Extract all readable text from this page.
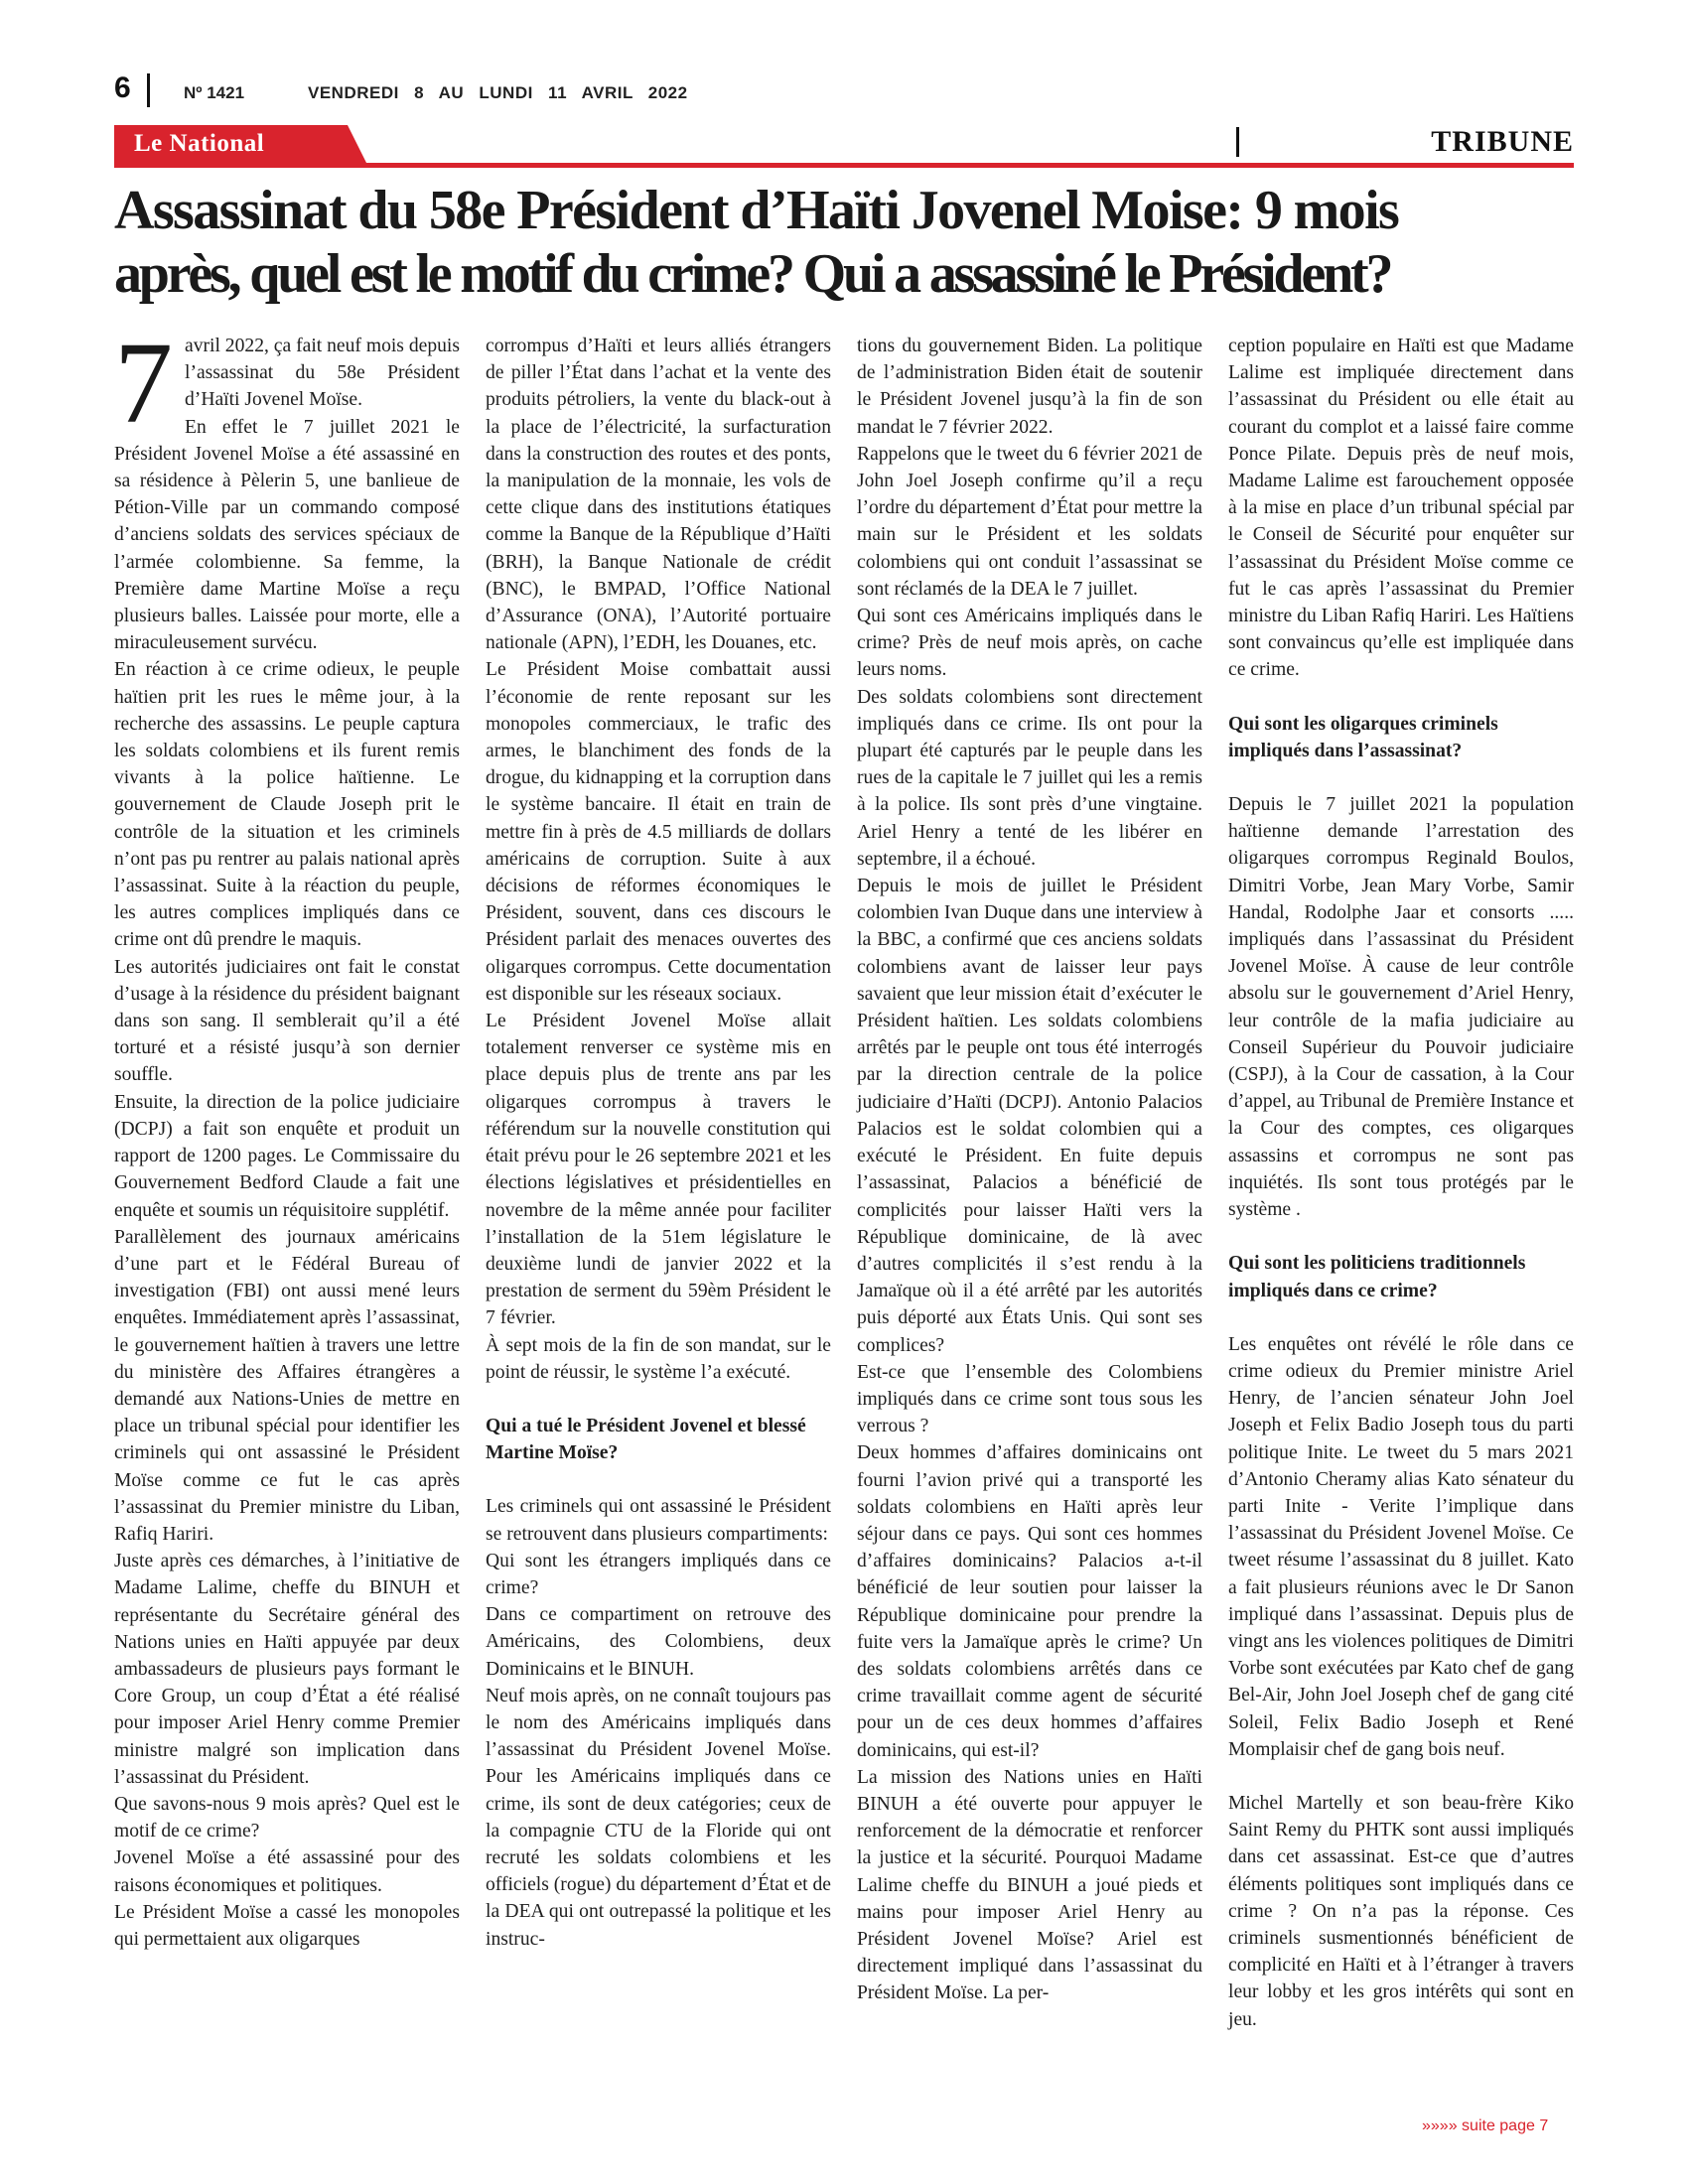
6	Nº 1421	VENDREDI 8 AU LUNDI 11 AVRIL 2022
Le National	TRIBUNE
Assassinat du 58e Président d’Haïti Jovenel Moise: 9 mois
après, quel est le motif du crime? Qui a assassiné le Président?

7 avril 2022, ça fait neuf mois depuis l’assassinat du 58e Président d’Haïti Jovenel Moïse.

En effet le 7 juillet 2021 le Président Jovenel Moïse a été assassiné en sa résidence à Pèlerin 5, une banlieue de Pétion-Ville par un commando composé d’anciens soldats des services spéciaux de l’armée colombienne. Sa femme, la Première dame Martine Moïse a reçu plusieurs balles. Laissée pour morte, elle a miraculeusement survécu.

En réaction à ce crime odieux, le peuple haïtien prit les rues le même jour, à la recherche des assassins. Le peuple captura les soldats colombiens et ils furent remis vivants à la police haïtienne. Le gouvernement de Claude Joseph prit le contrôle de la situation et les criminels n’ont pas pu rentrer au palais national après l’assassinat. Suite à la réaction du peuple, les autres complices impliqués dans ce crime ont dû prendre le maquis.

Les autorités judiciaires ont fait le constat d’usage à la résidence du président baignant dans son sang. Il semblerait qu’il a été torturé et a résisté jusqu’à son dernier souffle.

Ensuite, la direction de la police judiciaire (DCPJ) a fait son enquête et produit un rapport de 1200 pages. Le Commissaire du Gouvernement Bedford Claude a fait une enquête et soumis un réquisitoire supplétif.

Parallèlement des journaux américains d’une part et le Fédéral Bureau of investigation (FBI) ont aussi mené leurs enquêtes. Immédiatement après l’assassinat, le gouvernement haïtien à travers une lettre du ministère des Affaires étrangères a demandé aux Nations-Unies de mettre en place un tribunal spécial pour identifier les criminels qui ont assassiné le Président Moïse comme ce fut le cas après l’assassinat du Premier ministre du Liban, Rafiq Hariri.

Juste après ces démarches, à l’initiative de Madame Lalime, cheffe du BINUH et représentante du Secrétaire général des Nations unies en Haïti appuyée par deux ambassadeurs de plusieurs pays formant le Core Group, un coup d’État a été réalisé pour imposer Ariel Henry comme Premier ministre malgré son implication dans l’assassinat du Président.

Que savons-nous 9 mois après? Quel est le motif de ce crime?

Jovenel Moïse a été assassiné pour des raisons économiques et politiques.

Le Président Moïse a cassé les monopoles qui permettaient aux oligarques

corrompus d’Haïti et leurs alliés étrangers de piller l’État dans l’achat et la vente des produits pétroliers, la vente du black-out à la place de l’électricité, la surfacturation dans la construction des routes et des ponts, la manipulation de la monnaie, les vols de cette clique dans des institutions étatiques comme la Banque de la République d’Haïti (BRH), la Banque Nationale de crédit (BNC), le BMPAD, l’Office National d’Assurance (ONA), l’Autorité portuaire nationale (APN), l’EDH, les Douanes, etc.

Le Président Moise combattait aussi l’économie de rente reposant sur les monopoles commerciaux, le trafic des armes, le blanchiment des fonds de la drogue, du kidnapping et la corruption dans le système bancaire. Il était en train de mettre fin à près de 4.5 milliards de dollars américains de corruption. Suite à aux décisions de réformes économiques le Président, souvent, dans ces discours le Président parlait des menaces ouvertes des oligarques corrompus. Cette documentation est disponible sur les réseaux sociaux.

Le Président Jovenel Moïse allait totalement renverser ce système mis en place depuis plus de trente ans par les oligarques corrompus à travers le référendum sur la nouvelle constitution qui était prévu pour le 26 septembre 2021 et les élections législatives et présidentielles en novembre de la même année pour faciliter l’installation de la 51em législature le deuxième lundi de janvier 2022 et la prestation de serment du 59èm Président le 7 février.

À sept mois de la fin de son mandat, sur le point de réussir, le système l’a exécuté.

Qui a tué le Président Jovenel et blessé Martine Moïse?

Les criminels qui ont assassiné le Président se retrouvent dans plusieurs compartiments:

Qui sont les étrangers impliqués dans ce crime?

Dans ce compartiment on retrouve des Américains, des Colombiens, deux Dominicains et le BINUH.

Neuf mois après, on ne connaît toujours pas le nom des Américains impliqués dans l’assassinat du Président Jovenel Moïse. Pour les Américains impliqués dans ce crime, ils sont de deux catégories; ceux de la compagnie CTU de la Floride qui ont recruté les soldats colombiens et les officiels (rogue) du département d’État et de la DEA qui ont outrepassé la politique et les instruc-

tions du gouvernement Biden. La politique de l’administration Biden était de soutenir le Président Jovenel jusqu’à la fin de son mandat le 7 février 2022.

Rappelons que le tweet du 6 février 2021 de John Joel Joseph confirme qu’il a reçu l’ordre du département d’État pour mettre la main sur le Président et les soldats colombiens qui ont conduit l’assassinat se sont réclamés de la DEA le 7 juillet.

Qui sont ces Américains impliqués dans le crime? Près de neuf mois après, on cache leurs noms.

Des soldats colombiens sont directement impliqués dans ce crime. Ils ont pour la plupart été capturés par le peuple dans les rues de la capitale le 7 juillet qui les a remis à la police. Ils sont près d’une vingtaine. Ariel Henry a tenté de les libérer en septembre, il a échoué.

Depuis le mois de juillet le Président colombien Ivan Duque dans une interview à la BBC, a confirmé que ces anciens soldats colombiens avant de laisser leur pays savaient que leur mission était d’exécuter le Président haïtien. Les soldats colombiens arrêtés par le peuple ont tous été interrogés par la direction centrale de la police judiciaire d’Haïti (DCPJ). Antonio Palacios Palacios est le soldat colombien qui a exécuté le Président. En fuite depuis l’assassinat, Palacios a bénéficié de complicités pour laisser Haïti vers la République dominicaine, de là avec d’autres complicités il s’est rendu à la Jamaïque où il a été arrêté par les autorités puis déporté aux États Unis. Qui sont ses complices?

Est-ce que l’ensemble des Colombiens impliqués dans ce crime sont tous sous les verrous ?

Deux hommes d’affaires dominicains ont fourni l’avion privé qui a transporté les soldats colombiens en Haïti après leur séjour dans ce pays. Qui sont ces hommes d’affaires dominicains? Palacios a-t-il bénéficié de leur soutien pour laisser la République dominicaine pour prendre la fuite vers la Jamaïque après le crime? Un des soldats colombiens arrêtés dans ce crime travaillait comme agent de sécurité pour un de ces deux hommes d’affaires dominicains, qui est-il?

La mission des Nations unies en Haïti BINUH a été ouverte pour appuyer le renforcement de la démocratie et renforcer la justice et la sécurité. Pourquoi Madame Lalime cheffe du BINUH a joué pieds et mains pour imposer Ariel Henry au Président Jovenel Moïse? Ariel est directement impliqué dans l’assassinat du Président Moïse. La per-

ception populaire en Haïti est que Madame Lalime est impliquée directement dans l’assassinat du Président ou elle était au courant du complot et a laissé faire comme Ponce Pilate. Depuis près de neuf mois, Madame Lalime est farouchement opposée à la mise en place d’un tribunal spécial par le Conseil de Sécurité pour enquêter sur l’assassinat du Président Moïse comme ce fut le cas après l’assassinat du Premier ministre du Liban Rafiq Hariri. Les Haïtiens sont convaincus qu’elle est impliquée dans ce crime.

Qui sont les oligarques criminels impliqués dans l’assassinat?

Depuis le 7 juillet 2021 la population haïtienne demande l’arrestation des oligarques corrompus Reginald Boulos, Dimitri Vorbe, Jean Mary Vorbe, Samir Handal, Rodolphe Jaar et consorts ..... impliqués dans l’assassinat du Président Jovenel Moïse. À cause de leur contrôle absolu sur le gouvernement d’Ariel Henry, leur contrôle de la mafia judiciaire au Conseil Supérieur du Pouvoir judiciaire (CSPJ), à la Cour de cassation, à la Cour d’appel, au Tribunal de Première Instance et la Cour des comptes, ces oligarques assassins et corrompus ne sont pas inquiétés. Ils sont tous protégés par le système .

Qui sont les politiciens traditionnels impliqués dans ce crime?

Les enquêtes ont révélé le rôle dans ce crime odieux du Premier ministre Ariel Henry, de l’ancien sénateur John Joel Joseph et Felix Badio Joseph tous du parti politique Inite. Le tweet du 5 mars 2021 d’Antonio Cheramy alias Kato sénateur du parti Inite - Verite l’implique dans l’assassinat du Président Jovenel Moïse. Ce tweet résume l’assassinat du 8 juillet. Kato a fait plusieurs réunions avec le Dr Sanon impliqué dans l’assassinat. Depuis plus de vingt ans les violences politiques de Dimitri Vorbe sont exécutées par Kato chef de gang Bel-Air, John Joel Joseph chef de gang cité Soleil, Felix Badio Joseph et René Momplaisir chef de gang bois neuf.

Michel Martelly et son beau-frère Kiko Saint Remy du PHTK sont aussi impliqués dans cet assassinat. Est-ce que d’autres éléments politiques sont impliqués dans ce crime ? On n’a pas la réponse. Ces criminels susmentionnés bénéficient de complicité en Haïti et à l’étranger à travers leur lobby et les gros intérêts qui sont en jeu.

»»»» suite page 7
